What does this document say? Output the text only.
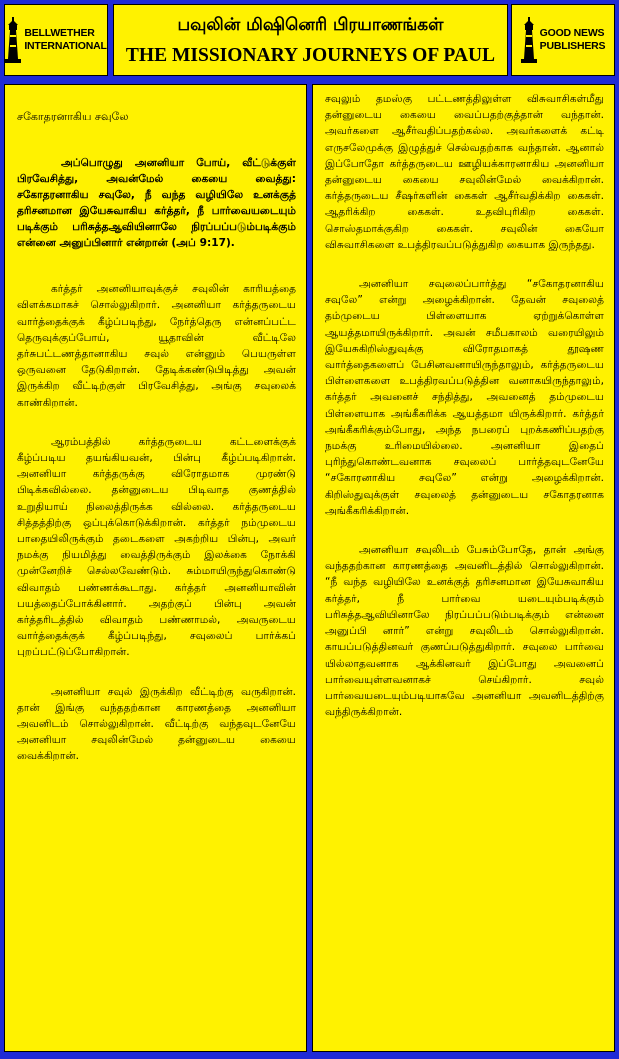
BELLWETHER
INTERNATIONAL
பவுலின் மிஷினெரி பிரயாணங்கள்
THE MISSIONARY JOURNEYS OF PAUL
GOOD NEWS
PUBLISHERS
சகோதரனாகிய சவுலே
அப்பொழுது அனனியா போய், வீட்டுக்குள் பிரவேசித்து, அவன்மேல் கையை வைத்து: சகோதரனாகிய சவுலே, நீ வந்த வழியிலே உனக்குத் தரிசனமான இயேசுவாகிய கர்த்தர், நீ பார்வையடையும் படிக்கும் பரிசுத்தஆவியினாலே நிரப்பப்படும்படிக்கும் என்னை அனுப்பினார் என்றான் (அப் 9:17).
கர்த்தர் அனனியாவுக்குச் சவுலின் காரியத்தை விளக்கமாகச் சொல்லுகிறார். அனனியா கர்த்தருடைய வார்த்தைக்குக் கீழ்ப்படிந்து, நேர்த்தெரு என்னப்பட்ட தெருவுக்குப்போய், யூதாவின் வீட்டிலே தர்சுபட்டணத்தானாகிய சவுல் என்னும் பெயருள்ள ஒருவனை தேடுகிறான். தேடிக்கண்டுபிடித்து அவன் இருக்கிற வீட்டிற்குள் பிரவேசித்து, அங்கு சவுலைக் காண்கிறான்.
ஆரம்பத்தில் கர்த்தருடைய கட்டளைக்குக் கீழ்ப்படிய தயங்கியவன், பின்பு கீழ்ப்படிகிறான். அனனியா கர்த்தருக்கு விரோதமாக முரண்டு பிடிக்கவில்லை. தன்னுடைய பிடிவாத குணத்தில் உறுதியாய் நிலைத்திருக்க வில்லை. கர்த்தருடைய சித்தத்திற்கு ஒப்புக்கொடுக்கிறான். கர்த்தர் நம்முடைய பாதையிலிருக்கும் தடைகளை அகற்றிய பின்பு, அவர் நமக்கு நியமித்து வைத்திருக்கும் இலக்கை நோக்கி முன்னேறிச் செல்லவேண்டும். சும்மாயிருந்துகொண்டு விவாதம் பண்ணக்கூடாது. கர்த்தர் அனனியாவின் பயத்தைப்போக்கினார். அதற்குப் பின்பு அவன் கர்த்தரிடத்தில் விவாதம் பண்ணாமல், அவருடைய வார்த்தைக்குக் கீழ்ப்படிந்து, சவுலைப் பார்க்கப் புறப்பட்டுப்போகிறான்.
அனனியா சவுல் இருக்கிற வீட்டிற்கு வருகிறான். தான் இங்கு வந்ததற்கான காரணத்தை அனனியா அவனிடம் சொல்லுகிறான். வீட்டிற்கு வந்தவுடனேயே அனனியா சவுலின்மேல் தன்னுடைய கையை வைக்கிறான்.
சவுலும் தமஸ்கு பட்டணத்திலுள்ள விசுவாசிகள்மீது தன்னுடைய கையை வைப்பதற்குத்தான் வந்தான். அவர்களை ஆசீர்வதிப்பதற்கல்ல. அவர்களைக் கட்டி எருசலேமுக்கு இழுத்துச் செல்வதற்காக வந்தான். ஆனால் இப்போதோ கர்த்தருடைய ஊழியக்காரனாகிய அனனியா தன்னுடைய கையை சவுலின்மேல் வைக்கிறான். கர்த்தருடைய சீஷர்களின் கைகள் ஆசீர்வதிக்கிற கைகள். ஆதரிக்கிற கைகள். உதவிபுரிகிற கைகள். சொஸ்தமாக்குகிற கைகள். சவுலின் கையோ விசுவாசிகளை உபத்திரவப்படுத்துகிற கையாக இருந்தது.
அனனியா சவுலைப்பார்த்து “சகோதரனாகிய சவுலே” என்று அழைக்கிறான். தேவன் சவுலைத் தம்முடைய பிள்ளையாக ஏற்றுக்கொள்ள ஆயத்தமாயிருக்கிறார். அவன் சமீபகாலம் வரையிலும் இயேசுகிறிஸ்துவுக்கு விரோதமாகத் தூஷண வார்த்தைகளைப் பேசினவனாயிருந்தாலும், கர்த்தருடைய பிள்ளைகளை உபத்திரவப்படுத்தின வனாகயிருந்தாலும், கர்த்தர் அவனைச் சந்தித்து, அவனைத் தம்முடைய பிள்ளையாக அங்கீகரிக்க ஆயத்தமா யிருக்கிறார். கர்த்தர் அங்கீகரிக்கும்போது, அந்த நபரைப் புறக்கணிப்பதற்கு நமக்கு உரிமையில்லை. அனனியா இதைப் புரிந்துகொண்டவனாக சவுலைப் பார்த்தவுடனேயே “சகோரனாகிய சவுலே” என்று அழைக்கிறான். கிறிஸ்துவுக்குள் சவுலைத் தன்னுடைய சகோதரனாக அங்கீகரிக்கிறான்.
அனனியா சவுலிடம் பேசும்போதே, தான் அங்கு வந்ததற்கான காரணத்தை அவனிடத்தில் சொல்லுகிறான். “நீ வந்த வழியிலே உனக்குத் தரிசனமான இயேசுவாகிய கர்த்தர், நீ பார்வை யடையும்படிக்கும் பரிசுத்தஆவியினாலே நிரப்பப்படும்படிக்கும் என்னை அனுப்பி னார்” என்று சவுலிடம் சொல்லுகிறான். காயப்படுத்தினவர் குணப்படுத்துகிறார். சவுலை பார்வை யில்லாதவனாக ஆக்கினவர் இப்போது அவனைப் பார்வையுள்ளவனாகச் செய்கிறார். சவுல் பார்வையடையும்படியாகவே அனனியா அவனிடத்திற்கு வந்திருக்கிறான்.
